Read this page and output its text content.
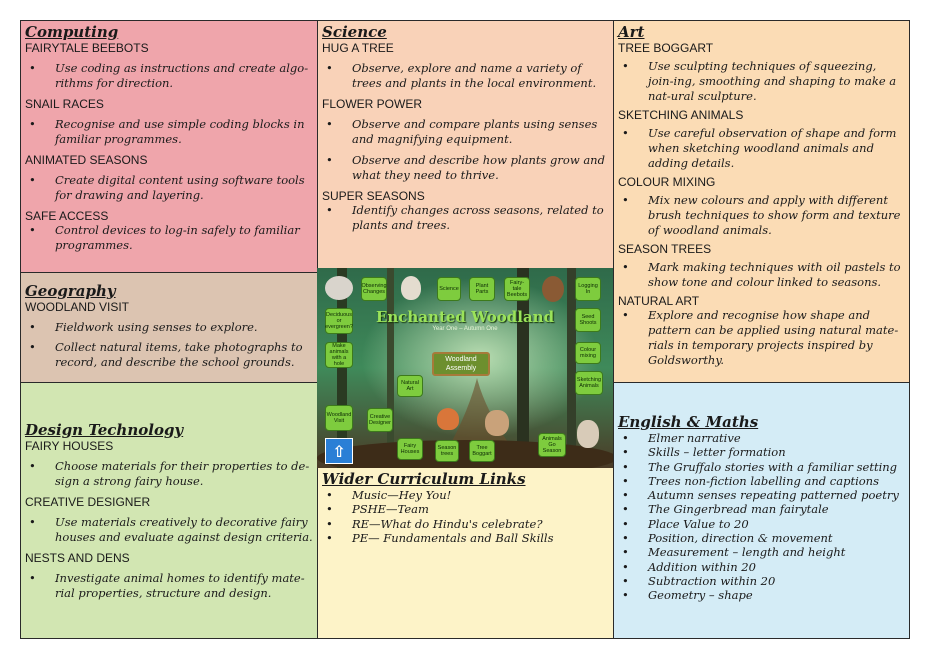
Computing
FAIRYTALE BEEBOTS
• Use coding as instructions and create algo-rithms for direction.
SNAIL RACES
• Recognise and use simple coding blocks in familiar programmes.
ANIMATED SEASONS
• Create digital content using software tools for drawing and layering.
SAFE ACCESS
• Control devices to log-in safely to familiar programmes.
Geography
WOODLAND VISIT
• Fieldwork using senses to explore.
• Collect natural items, take photographs to record, and describe the school grounds.
Design Technology
FAIRY HOUSES
• Choose materials for their properties to de-sign a strong fairy house.
CREATIVE DESIGNER
• Use materials creatively to decorative fairy houses and evaluate against design criteria.
NESTS AND DENS
• Investigate animal homes to identify mate-rial properties, structure and design.
Science
HUG A TREE
• Observe, explore and name a variety of trees and plants in the local environment.
FLOWER POWER
• Observe and compare plants using senses and magnifying equipment.
• Observe and describe how plants grow and what they need to thrive.
SUPER SEASONS
• Identify changes across seasons, related to plants and trees.
Enchanted Woodland
Year One – Autumn One
Woodland Assembly
Observing Changes	Science	Plant Parts
Fairy-tale Beebots
Logging In
Deciduous or evergreen?
Seed Shoots
Make animals with a hole
Colour mixing
Natural Art
Sketching Animals
Woodland Visit
Creative Designer
Fairy Houses
Season trees
Tree Boggart
Animals Go Season
⇧
Wider Curriculum Links
• Music—Hey You!
• PSHE—Team
• RE—What do Hindu's celebrate?
• PE— Fundamentals and Ball Skills
Art
TREE BOGGART
• Use sculpting techniques of squeezing, join-ing, smoothing and shaping to make a nat-ural sculpture.
SKETCHING ANIMALS
• Use careful observation of shape and form when sketching woodland animals and adding details.
COLOUR MIXING
• Mix new colours and apply with different brush techniques to show form and texture of woodland animals.
SEASON TREES
• Mark making techniques with oil pastels to show tone and colour linked to seasons.
NATURAL ART
• Explore and recognise how shape and pattern can be applied using natural mate-rials in temporary projects inspired by Goldsworthy.
English & Maths
• Elmer narrative
• Skills – letter formation
• The Gruffalo stories with a familiar setting
• Trees non-fiction labelling and captions
• Autumn senses repeating patterned poetry
• The Gingerbread man fairytale
• Place Value to 20
• Position, direction & movement
• Measurement – length and height
• Addition within 20
• Subtraction within 20
• Geometry – shape
